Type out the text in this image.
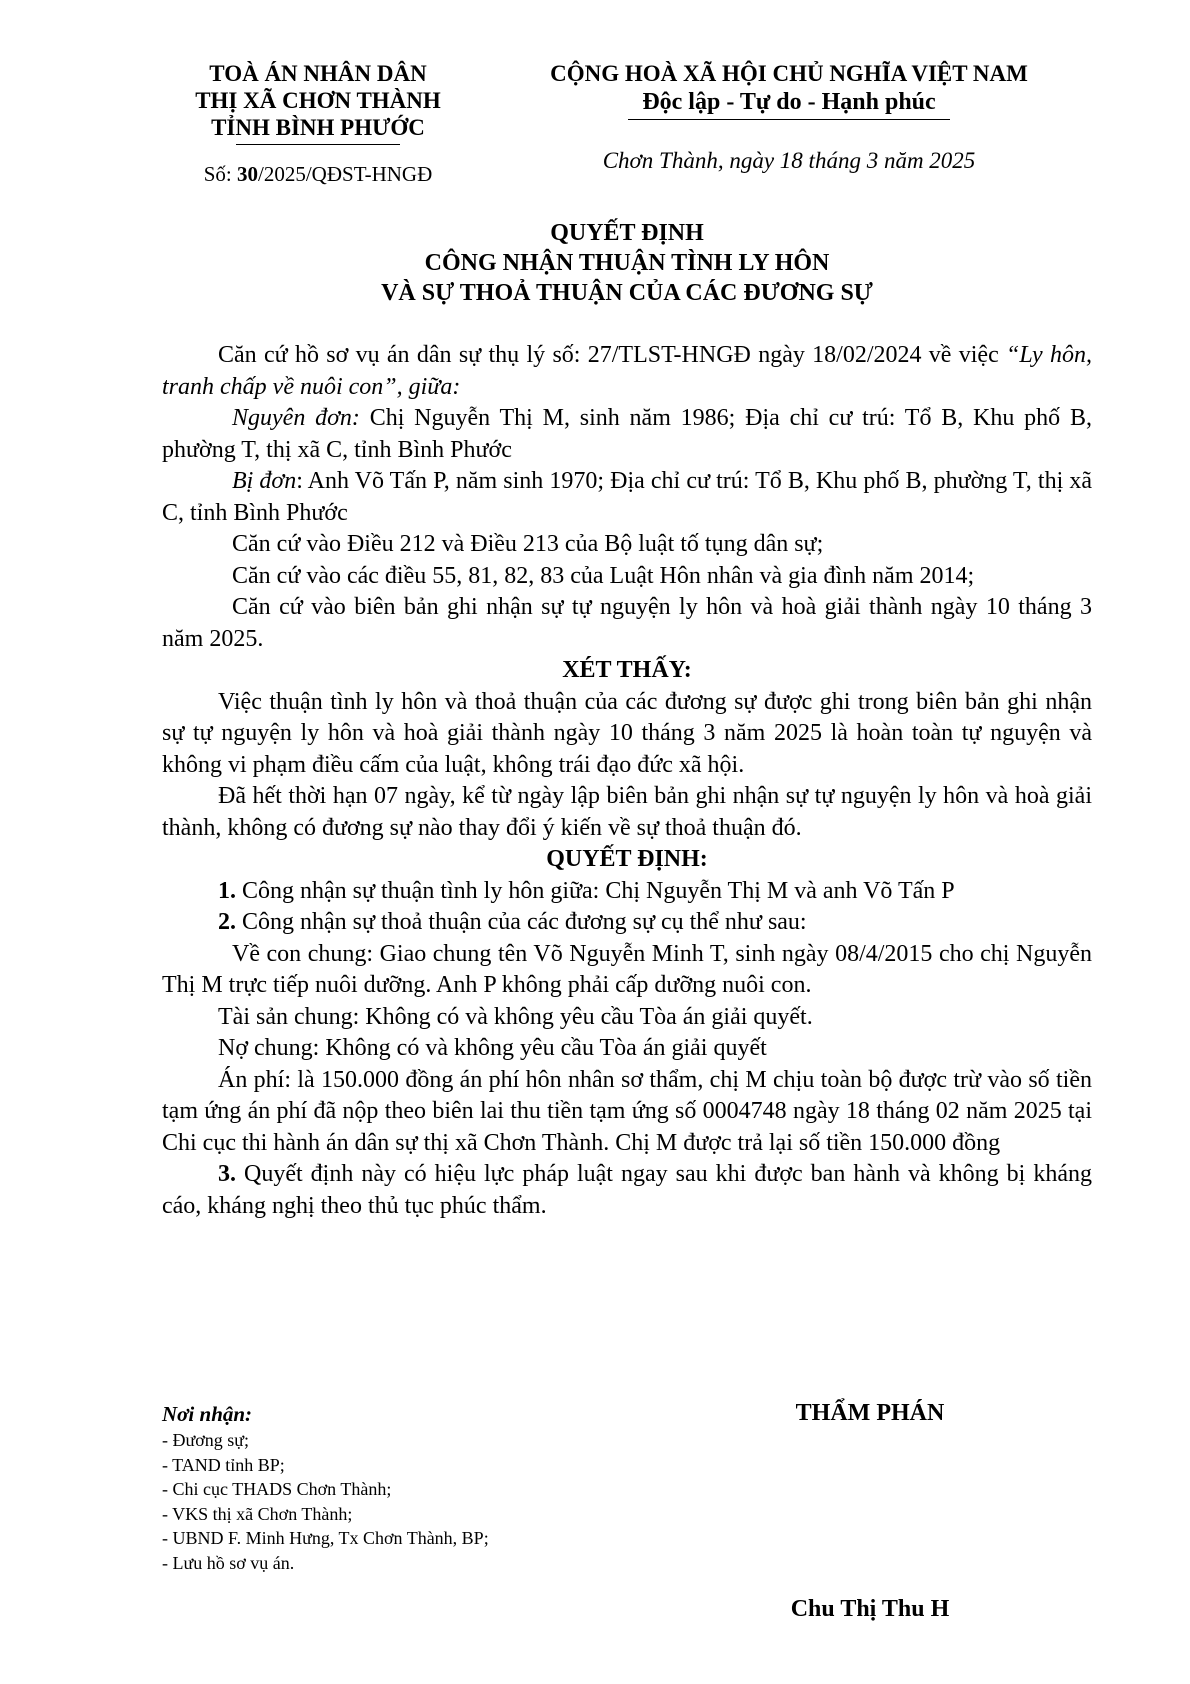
TOÀ ÁN NHÂN DÂN
THỊ XÃ CHƠN THÀNH
TỈNH BÌNH PHƯỚC
Số: 30/2025/QĐST-HNGĐ
CỘNG HOÀ XÃ HỘI CHỦ NGHĨA VIỆT NAM
Độc lập - Tự do - Hạnh phúc
Chơn Thành, ngày 18 tháng 3 năm 2025
QUYẾT ĐỊNH
CÔNG NHẬN THUẬN TÌNH LY HÔN
VÀ SỰ THOẢ THUẬN CỦA CÁC ĐƯƠNG SỰ

Căn cứ hồ sơ vụ án dân sự thụ lý số: 27/TLST-HNGĐ ngày 18/02/2024 về việc “Ly hôn, tranh chấp về nuôi con”, giữa:

Nguyên đơn: Chị Nguyễn Thị M, sinh năm 1986; Địa chỉ cư trú: Tổ B, Khu phố B, phường T, thị xã C, tỉnh Bình Phước

Bị đơn: Anh Võ Tấn P, năm sinh 1970; Địa chỉ cư trú: Tổ B, Khu phố B, phường T, thị xã C, tỉnh Bình Phước

Căn cứ vào Điều 212 và Điều 213 của Bộ luật tố tụng dân sự;

Căn cứ vào các điều 55, 81, 82, 83 của Luật Hôn nhân và gia đình năm 2014;

Căn cứ vào biên bản ghi nhận sự tự nguyện ly hôn và hoà giải thành ngày 10 tháng 3 năm 2025.

XÉT THẤY:

Việc thuận tình ly hôn và thoả thuận của các đương sự được ghi trong biên bản ghi nhận sự tự nguyện ly hôn và hoà giải thành ngày 10 tháng 3 năm 2025 là hoàn toàn tự nguyện và không vi phạm điều cấm của luật, không trái đạo đức xã hội.

Đã hết thời hạn 07 ngày, kể từ ngày lập biên bản ghi nhận sự tự nguyện ly hôn và hoà giải thành, không có đương sự nào thay đổi ý kiến về sự thoả thuận đó.

QUYẾT ĐỊNH:

1. Công nhận sự thuận tình ly hôn giữa: Chị Nguyễn Thị M và anh Võ Tấn P

2. Công nhận sự thoả thuận của các đương sự cụ thể như sau:

Về con chung: Giao chung tên Võ Nguyễn Minh T, sinh ngày 08/4/2015 cho chị Nguyễn Thị M trực tiếp nuôi dưỡng. Anh P không phải cấp dưỡng nuôi con.

Tài sản chung: Không có và không yêu cầu Tòa án giải quyết.

Nợ chung: Không có và không yêu cầu Tòa án giải quyết

Án phí: là 150.000 đồng án phí hôn nhân sơ thẩm, chị M chịu toàn bộ được trừ vào số tiền tạm ứng án phí đã nộp theo biên lai thu tiền tạm ứng số 0004748 ngày 18 tháng 02 năm 2025 tại Chi cục thi hành án dân sự thị xã Chơn Thành. Chị M được trả lại số tiền 150.000 đồng

3. Quyết định này có hiệu lực pháp luật ngay sau khi được ban hành và không bị kháng cáo, kháng nghị theo thủ tục phúc thẩm.

Nơi nhận:
- Đương sự;
- TAND tỉnh BP;
- Chi cục THADS Chơn Thành;
- VKS thị xã Chơn Thành;
- UBND F. Minh Hưng, Tx Chơn Thành, BP;
- Lưu hồ sơ vụ án.
THẨM PHÁN
Chu Thị Thu H
